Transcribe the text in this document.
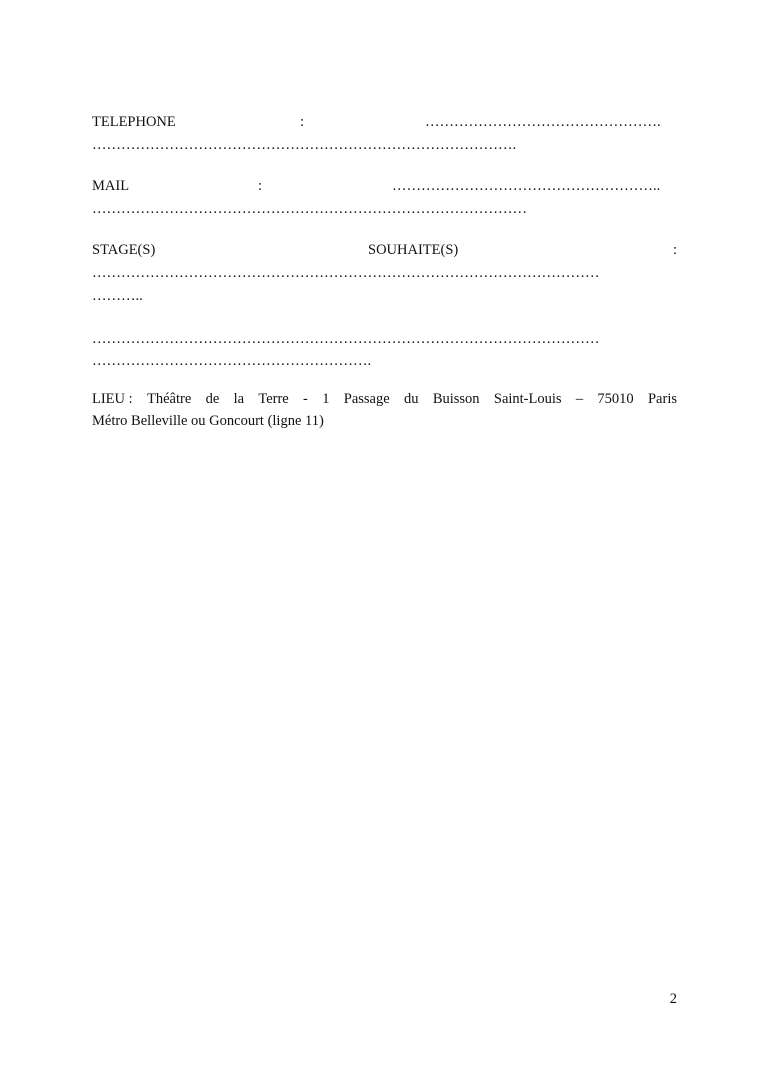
TELEPHONE	:	………………………………………….
…………………………………………………………………………….
MAIL	:	………………………………………………..
………………………………………………………………………………
STAGE(S)	SOUHAITE(S)	:
……………………………………………………………………………………………
………..
……………………………………………………………………………………………
………………………………………………….
LIEU : Théâtre de la Terre - 1 Passage du Buisson Saint-Louis – 75010 Paris
Métro Belleville ou Goncourt (ligne 11)
2
